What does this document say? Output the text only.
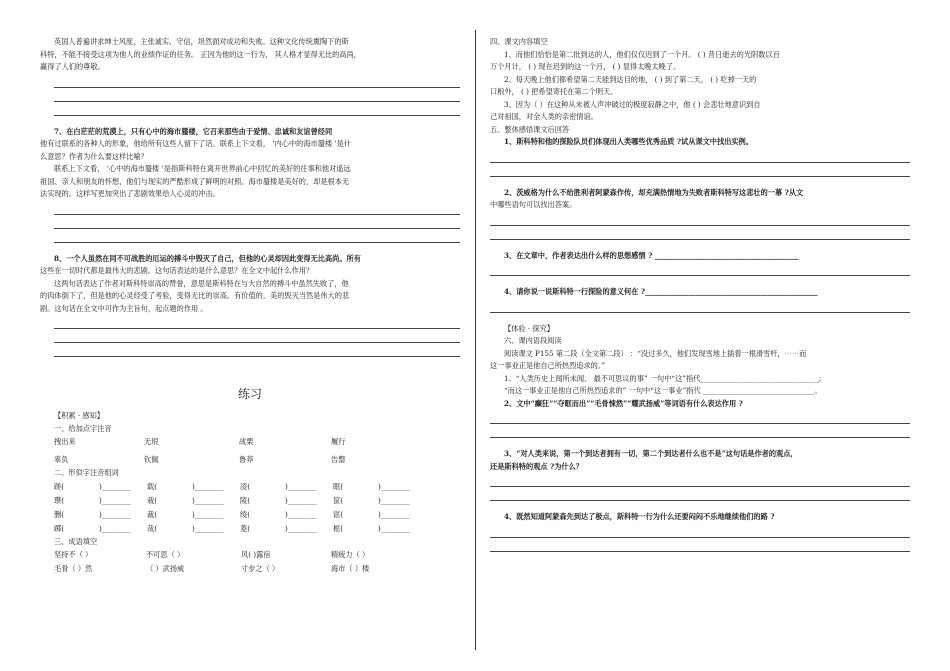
英国人普遍讲求绅士风度，主张诚实、守信，坦然面对成功和失败。这种文化传统熏陶下的斯

科特，不能不接受这项为他人的业绩作证的任务。 正因为他的这一行为， 其人格才显得无比的高尚，

赢得了人们的尊敬。

7、在白茫茫的荒漠上，只有心中的海市蜃楼，它召来那些由于爱情、忠诚和友谊曾经同

他有过联系的各种人的形象，他给所有这些人留下了话。联系上下文看， ‘内心中的海市蜃楼 ’是什

么意思？作者为什么要这样比喻？

联系上下文看， ‘心中的海市蜃楼 ’是指斯科特在离开世界前心中回忆的美好的往事和他对遥远

祖国、亲人和朋友的怀想，他们与现实的严酷形成了鲜明的对照。海市蜃楼是美好的，却是根本无

法实现的。这样写更加突出了悲剧效果给人心灵的冲击。

8、一个人虽然在同不可战胜的厄运的搏斗中毁灭了自己，但他的心灵却因此变得无比高尚。所有

这些在一切时代都是最伟大的悲剧。这句话表达的是什么意思？在全文中起什么作用？

这两句话表达了作者对斯科特崇高的赞誉，意思是斯科特在与大自然的搏斗中虽然失败了，他

的肉体倒下了，但是他的心灵经受了考验，变得无比的崇高。有价值的，美的毁灭当然是伟大的悲

剧。这句话在全文中可作为主旨句，起点题的作用 。

练习

【积累 · 感知】

一、给加点字注音

拽出来	无垠	战栗	履行
辜负	钦佩	鲁莽	告罄

二、形似字注音组词

蹉(	)________	载(	)________	凌(	)________	眶(	)________
瓒(	)________	栽(	)________	陵(	)________	筐(	)________
删(	)________	裁(	)________	绫(	)________	诓(	)________
踯(	)________	哉(	)________	菱(	)________	框(	)________

三、成语填空

坚持不（ ）	不可思（ ）	风( )露宿	精疲力（ ）
毛骨（ ）然	（ ）武扬威	寸步之（ ）	海市（ ）楼

四、课文内容填空

1、而他们恰恰是第二批到达的人，他们仅仅迟到了一个月。 ( ) 昔日逝去的光阴数以百

万个月计， ( ) 现在迟到的这一个月， ( ) 显得太晚太晚了。

2、每天晚上他们都希望第二天能到达目的地， ( ) 到了第二天， ( ) 吃掉一天的

口粮外， ( ) 把希望寄托在第二个明天。

3、因为（ ）在这种从未被人声冲破过的极度寂静之中，他 ( ) 会悲壮地意识到自

己对祖国，对全人类的亲密情谊。

五、整体感悟课文后回答

1、斯科特和他的探险队员们体现出人类哪些优秀品质 ?试从课文中找出实例。

2、茨威格为什么不给胜利者阿蒙森作传，却充满热情地为失败者斯科特写这悲壮的一幕 ?从文

中哪些语句可以找出答案。

3、在文章中，作者表达出什么样的思想感情 ? ________________________________________

4、请你说一说斯科特一行探险的意义何在 ?________________________________________________

【体验 · 探究】

六、课内语段阅读

阅读课文 P155 第二段（全文第二段） ：“没过多久，他们发现雪地上插着一根滑雪杆，⋯⋯而

这一事业正是他自己所热烈追求的。”

1、“人类历史上闻所未闻、 最不可思议的事” 一句中“这”指代_________________________________;

“而这一事业正是他自己所热烈追求的” 一句中“这一事业”指代 _______________________________。

2、文中“癫狂”“夺眶而出”“毛骨悚然”“耀武扬威”等词语有什么表达作用 ?

3、“对人类来说，第一个到达者拥有一切，第二个到达者什么也不是”这句话是作者的观点，

还是斯科特的观点 ?为什么？

4、既然知道阿蒙森先到达了极点，斯科特一行为什么还要闷闷不乐地继续他们的路 ?
